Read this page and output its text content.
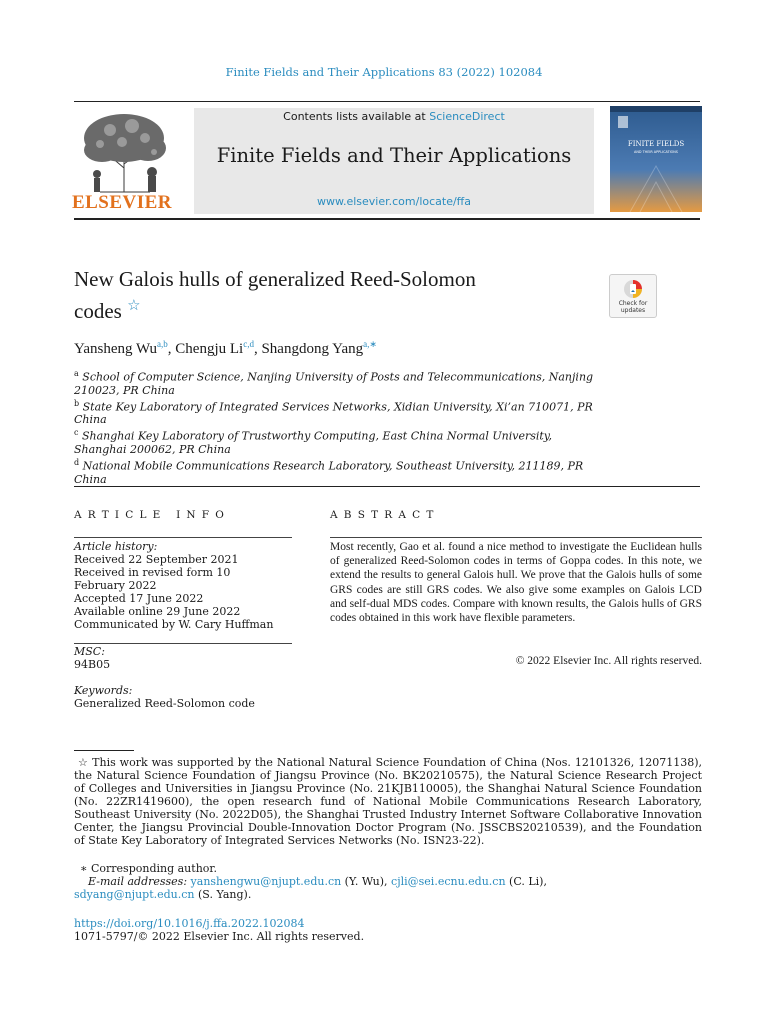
Finite Fields and Their Applications 83 (2022) 102084
ELSEVIER
Contents lists available at ScienceDirect
Finite Fields and Their Applications
www.elsevier.com/locate/ffa
FINITE FIELDS
AND THEIR APPLICATIONS
New Galois hulls of generalized Reed-Solomon
codes ☆	Check for updates
Yansheng Wu$^{a,b}$, Chengju Li$^{c,d}$, Shangdong Yang$^{a,∗}$
$^a$ School of Computer Science, Nanjing University of Posts and Telecommunications, Nanjing 210023, PR China
$^b$ State Key Laboratory of Integrated Services Networks, Xidian University, Xi’an 710071, PR China
$^c$ Shanghai Key Laboratory of Trustworthy Computing, East China Normal University, Shanghai 200062, PR China
$^d$ National Mobile Communications Research Laboratory, Southeast University, 211189, PR China
ARTICLE INFO	ABSTRACT
Article history:
Received 22 September 2021
Received in revised form 10 February 2022
Accepted 17 June 2022
Available online 29 June 2022
Communicated by W. Cary Huffman
MSC:
94B05
Keywords:
Generalized Reed-Solomon code
Most recently, Gao et al. found a nice method to investigate the Euclidean hulls of generalized Reed-Solomon codes in terms of Goppa codes. In this note, we extend the results to general Galois hull. We prove that the Galois hulls of some GRS codes are still GRS codes. We also give some examples on Galois LCD and self-dual MDS codes. Compare with known results, the Galois hulls of GRS codes obtained in this work have flexible parameters.
© 2022 Elsevier Inc. All rights reserved.
☆ This work was supported by the National Natural Science Foundation of China (Nos. 12101326, 12071138), the Natural Science Foundation of Jiangsu Province (No. BK20210575), the Natural Science Research Project of Colleges and Universities in Jiangsu Province (No. 21KJB110005), the Shanghai Natural Science Foundation (No. 22ZR1419600), the open research fund of National Mobile Communications Research Laboratory, Southeast University (No. 2022D05), the Shanghai Trusted Industry Internet Software Collaborative Innovation Center, the Jiangsu Provincial Double-Innovation Doctor Program (No. JSSCBS20210539), and the Foundation of State Key Laboratory of Integrated Services Networks (No. ISN23-22).
∗ Corresponding author.
E-mail addresses: yanshengwu@njupt.edu.cn (Y. Wu), cjli@sei.ecnu.edu.cn (C. Li),
sdyang@njupt.edu.cn (S. Yang).
https://doi.org/10.1016/j.ffa.2022.102084
1071-5797/© 2022 Elsevier Inc. All rights reserved.
